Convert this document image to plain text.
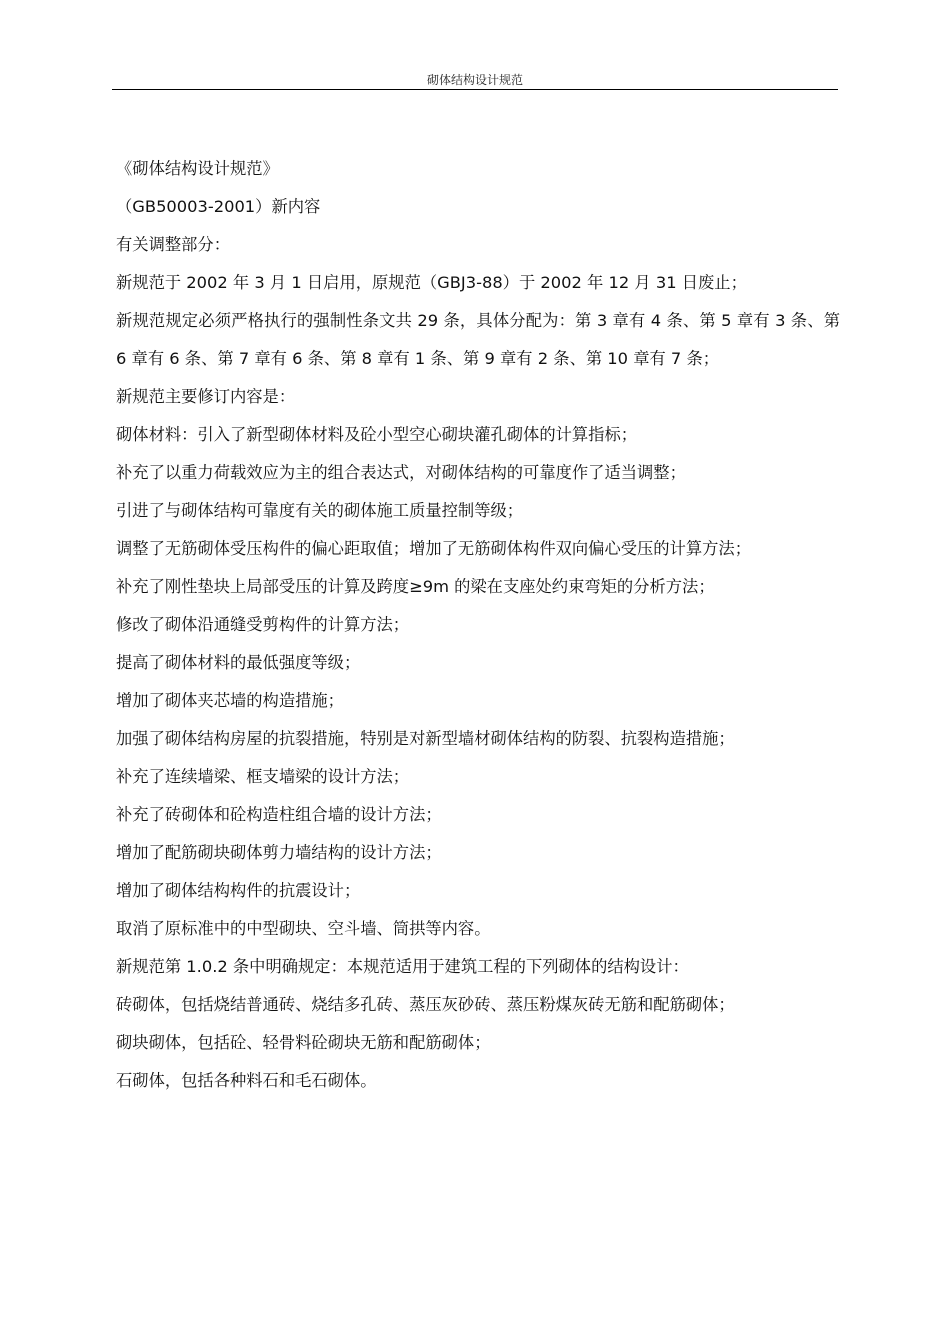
砌体结构设计规范

《砌体结构设计规范》

（GB50003-2001）新内容

有关调整部分：

新规范于 2002 年 3 月 1 日启用，原规范（GBJ3-88）于 2002 年 12 月 31 日废止；

新规范规定必须严格执行的强制性条文共 29 条，具体分配为：第 3 章有 4 条、第 5 章有 3 条、第 6 章有 6 条、第 7 章有 6 条、第 8 章有 1 条、第 9 章有 2 条、第 10 章有 7 条；

新规范主要修订内容是：

砌体材料：引入了新型砌体材料及砼小型空心砌块灌孔砌体的计算指标；

补充了以重力荷载效应为主的组合表达式，对砌体结构的可靠度作了适当调整；

引进了与砌体结构可靠度有关的砌体施工质量控制等级；

调整了无筋砌体受压构件的偏心距取值；增加了无筋砌体构件双向偏心受压的计算方法；

补充了刚性垫块上局部受压的计算及跨度≥9m 的梁在支座处约束弯矩的分析方法；

修改了砌体沿通缝受剪构件的计算方法；

提高了砌体材料的最低强度等级；

增加了砌体夹芯墙的构造措施；

加强了砌体结构房屋的抗裂措施，特别是对新型墙材砌体结构的防裂、抗裂构造措施；

补充了连续墙梁、框支墙梁的设计方法；

补充了砖砌体和砼构造柱组合墙的设计方法；

增加了配筋砌块砌体剪力墙结构的设计方法；

增加了砌体结构构件的抗震设计；

取消了原标准中的中型砌块、空斗墙、筒拱等内容。

新规范第 1.0.2 条中明确规定：本规范适用于建筑工程的下列砌体的结构设计：

砖砌体，包括烧结普通砖、烧结多孔砖、蒸压灰砂砖、蒸压粉煤灰砖无筋和配筋砌体；

砌块砌体，包括砼、轻骨料砼砌块无筋和配筋砌体；

石砌体，包括各种料石和毛石砌体。
